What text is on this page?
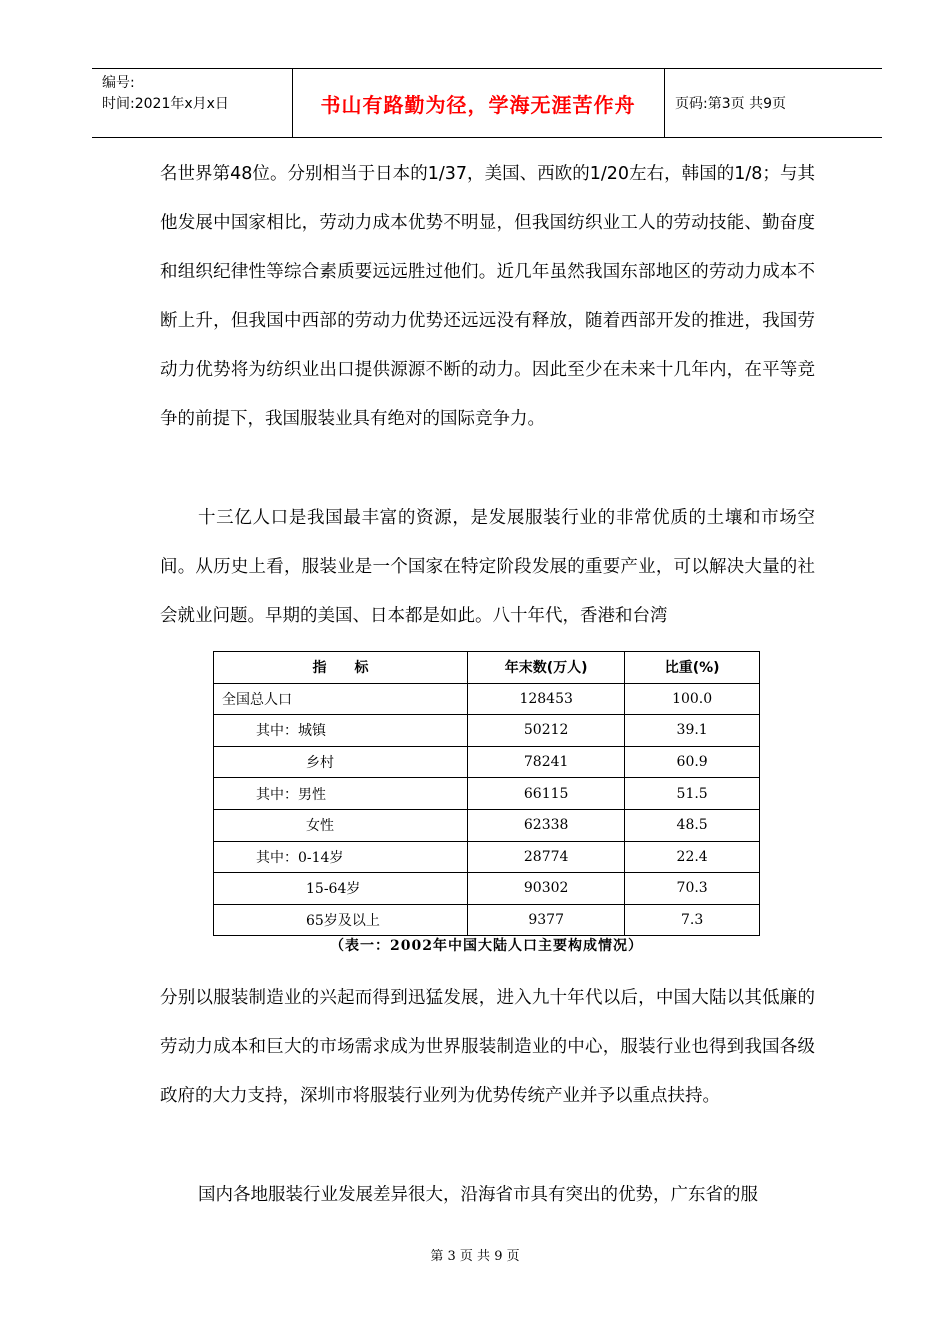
编号:
时间:2021年x月x日	书山有路勤为径，学海无涯苦作舟	页码:第3页 共9页

名世界第48位。分别相当于日本的1/37，美国、西欧的1/20左右，韩国的1/8；与其他发展中国家相比，劳动力成本优势不明显，但我国纺织业工人的劳动技能、勤奋度和组织纪律性等综合素质要远远胜过他们。近几年虽然我国东部地区的劳动力成本不断上升，但我国中西部的劳动力优势还远远没有释放，随着西部开发的推进，我国劳动力优势将为纺织业出口提供源源不断的动力。因此至少在未来十几年内，在平等竞争的前提下，我国服装业具有绝对的国际竞争力。

十三亿人口是我国最丰富的资源，是发展服装行业的非常优质的土壤和市场空间。从历史上看，服装业是一个国家在特定阶段发展的重要产业，可以解决大量的社会就业问题。早期的美国、日本都是如此。八十年代，香港和台湾

指　　标	年末数(万人)	比重(%)
全国总人口	128453	100.0
其中：城镇	50212	39.1
乡村	78241	60.9
其中：男性	66115	51.5
女性	62338	48.5
其中：0-14岁	28774	22.4
15-64岁	90302	70.3
65岁及以上	9377	7.3
（表一：2002年中国大陆人口主要构成情况）

分别以服装制造业的兴起而得到迅猛发展，进入九十年代以后，中国大陆以其低廉的劳动力成本和巨大的市场需求成为世界服装制造业的中心，服装行业也得到我国各级政府的大力支持，深圳市将服装行业列为优势传统产业并予以重点扶持。

国内各地服装行业发展差异很大，沿海省市具有突出的优势，广东省的服

第 3 页 共 9 页
